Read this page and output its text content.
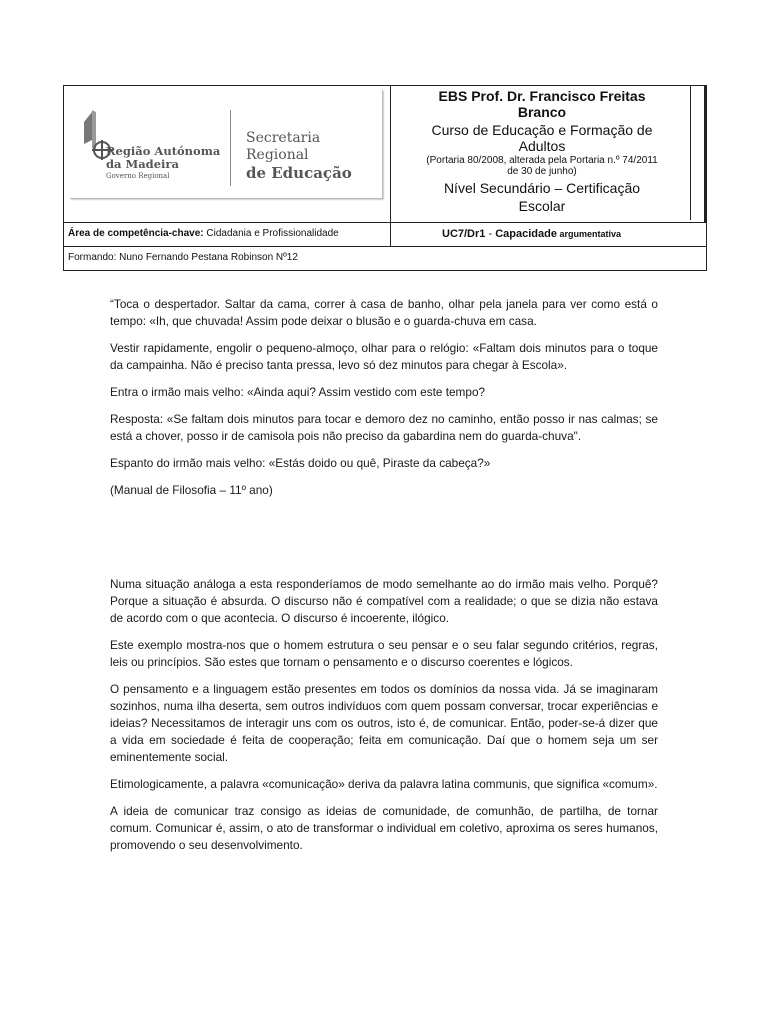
Região Autónoma
da Madeira
Governo Regional
Secretaria Regional
de Educação
EBS Prof. Dr. Francisco Freitas
Branco
Curso de Educação e Formação de
Adultos
(Portaria 80/2008, alterada pela Portaria n.º 74/2011
de 30 de junho)
Nível Secundário – Certificação
Escolar
Área de competência-chave: Cidadania e Profissionalidade	UC7/Dr1 - Capacidade argumentativa
Formando: Nuno Fernando Pestana Robinson Nº12

“Toca o despertador. Saltar da cama, correr à casa de banho, olhar pela janela para ver como está o tempo: «Ih, que chuvada! Assim pode deixar o blusão e o guarda-chuva em casa.

Vestir rapidamente, engolir o pequeno-almoço, olhar para o relógio: «Faltam dois minutos para o toque da campainha. Não é preciso tanta pressa, levo só dez minutos para chegar à Escola».

Entra o irmão mais velho: «Ainda aqui? Assim vestido com este tempo?

Resposta: «Se faltam dois minutos para tocar e demoro dez no caminho, então posso ir nas calmas; se está a chover, posso ir de camisola pois não preciso da gabardina nem do guarda-chuva".

Espanto do irmão mais velho: «Estás doido ou quê, Piraste da cabeça?»

(Manual de Filosofia – 11º ano)

Numa situação análoga a esta responderíamos de modo semelhante ao do irmão mais velho. Porquê? Porque a situação é absurda. O discurso não é compatível com a realidade; o que se dizia não estava de acordo com o que acontecia. O discurso é incoerente, ilógico.

Este exemplo mostra-nos que o homem estrutura o seu pensar e o seu falar segundo critérios, regras, leis ou princípios. São estes que tornam o pensamento e o discurso coerentes e lógicos.

O pensamento e a linguagem estão presentes em todos os domínios da nossa vida. Já se imaginaram sozinhos, numa ilha deserta, sem outros indivíduos com quem possam conversar, trocar experiências e ideias? Necessitamos de interagir uns com os outros, isto é, de comunicar. Então, poder-se-á dizer que a vida em sociedade é feita de cooperação; feita em comunicação. Daí que o homem seja um ser eminentemente social.

Etimologicamente, a palavra «comunicação» deriva da palavra latina communis, que significa «comum».

A ideia de comunicar traz consigo as ideias de comunidade, de comunhão, de partilha, de tornar comum. Comunicar é, assim, o ato de transformar o individual em coletivo, aproxima os seres humanos, promovendo o seu desenvolvimento.
